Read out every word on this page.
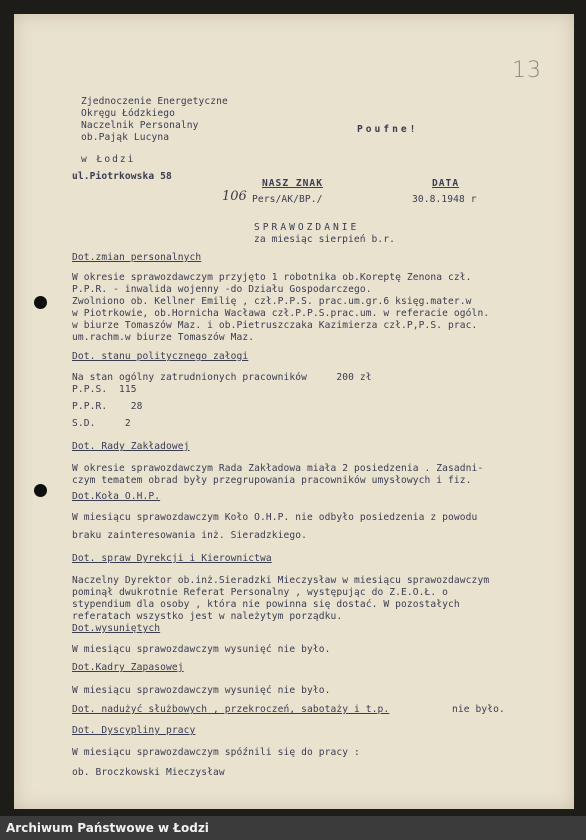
13
Zjednoczenie Energetyczne
Okręgu Łódzkiego
Naczelnik Personalny
ob.Pająk Lucyna
Poufne!
w Łodzi
ul.Piotrkowska 58
NASZ ZNAK
106 Pers/AK/BP./
DATA
30.8.1948 r
SPRAWOZDANIE
za miesiąc sierpień b.r.
Dot.zmian personalnych
W okresie sprawozdawczym przyjęto 1 robotnika ob.Koreptę Zenona czł.
P.P.R. - inwalida wojenny -do Działu Gospodarczego.
Zwolniono ob. Kellner Emilię , czł.P.P.S. prac.um.gr.6 księg.mater.w
w Piotrkowie, ob.Hornicha Wacława czł.P.P.S.prac.um. w referacie ogóln.
w biurze Tomaszów Maz. i ob.Pietruszczaka Kazimierza czł.P,P.S. prac.
um.rachm.w biurze Tomaszów Maz.
Dot. stanu politycznego załogi
Na stan ogólny zatrudnionych pracowników     200 zł
P.P.S.  115
P.P.R.    28
S.D.     2
Dot. Rady Zakładowej
W okresie sprawozdawczym Rada Zakładowa miała 2 posiedzenia . Zasadni-
czym tematem obrad były przegrupowania pracowników umysłowych i fiz.
Dot.Koła O.H.P.
W miesiącu sprawozdawczym Koło O.H.P. nie odbyło posiedzenia z powodu
braku zainteresowania inż. Sieradzkiego.
Dot. spraw Dyrekcji i Kierownictwa
Naczelny Dyrektor ob.inż.Sieradzki Mieczysław w miesiącu sprawozdawczym
pominął dwukrotnie Referat Personalny , występując do Z.E.O.Ł. o
stypendium dla osoby , która nie powinna się dostać. W pozostałych
referatach wszystko jest w należytym porządku.
Dot.wysuniętych
W miesiącu sprawozdawczym wysunięć nie było.
Dot.Kadry Zapasowej
W miesiącu sprawozdawczym wysunięć nie było.
Dot. nadużyć służbowych , przekroczeń, sabotaży i t.p.	nie było.
Dot. Dyscypliny pracy
W miesiącu sprawozdawczym spóźnili się do pracy :
ob. Broczkowski Mieczysław
Archiwum Państwowe w Łodzi
